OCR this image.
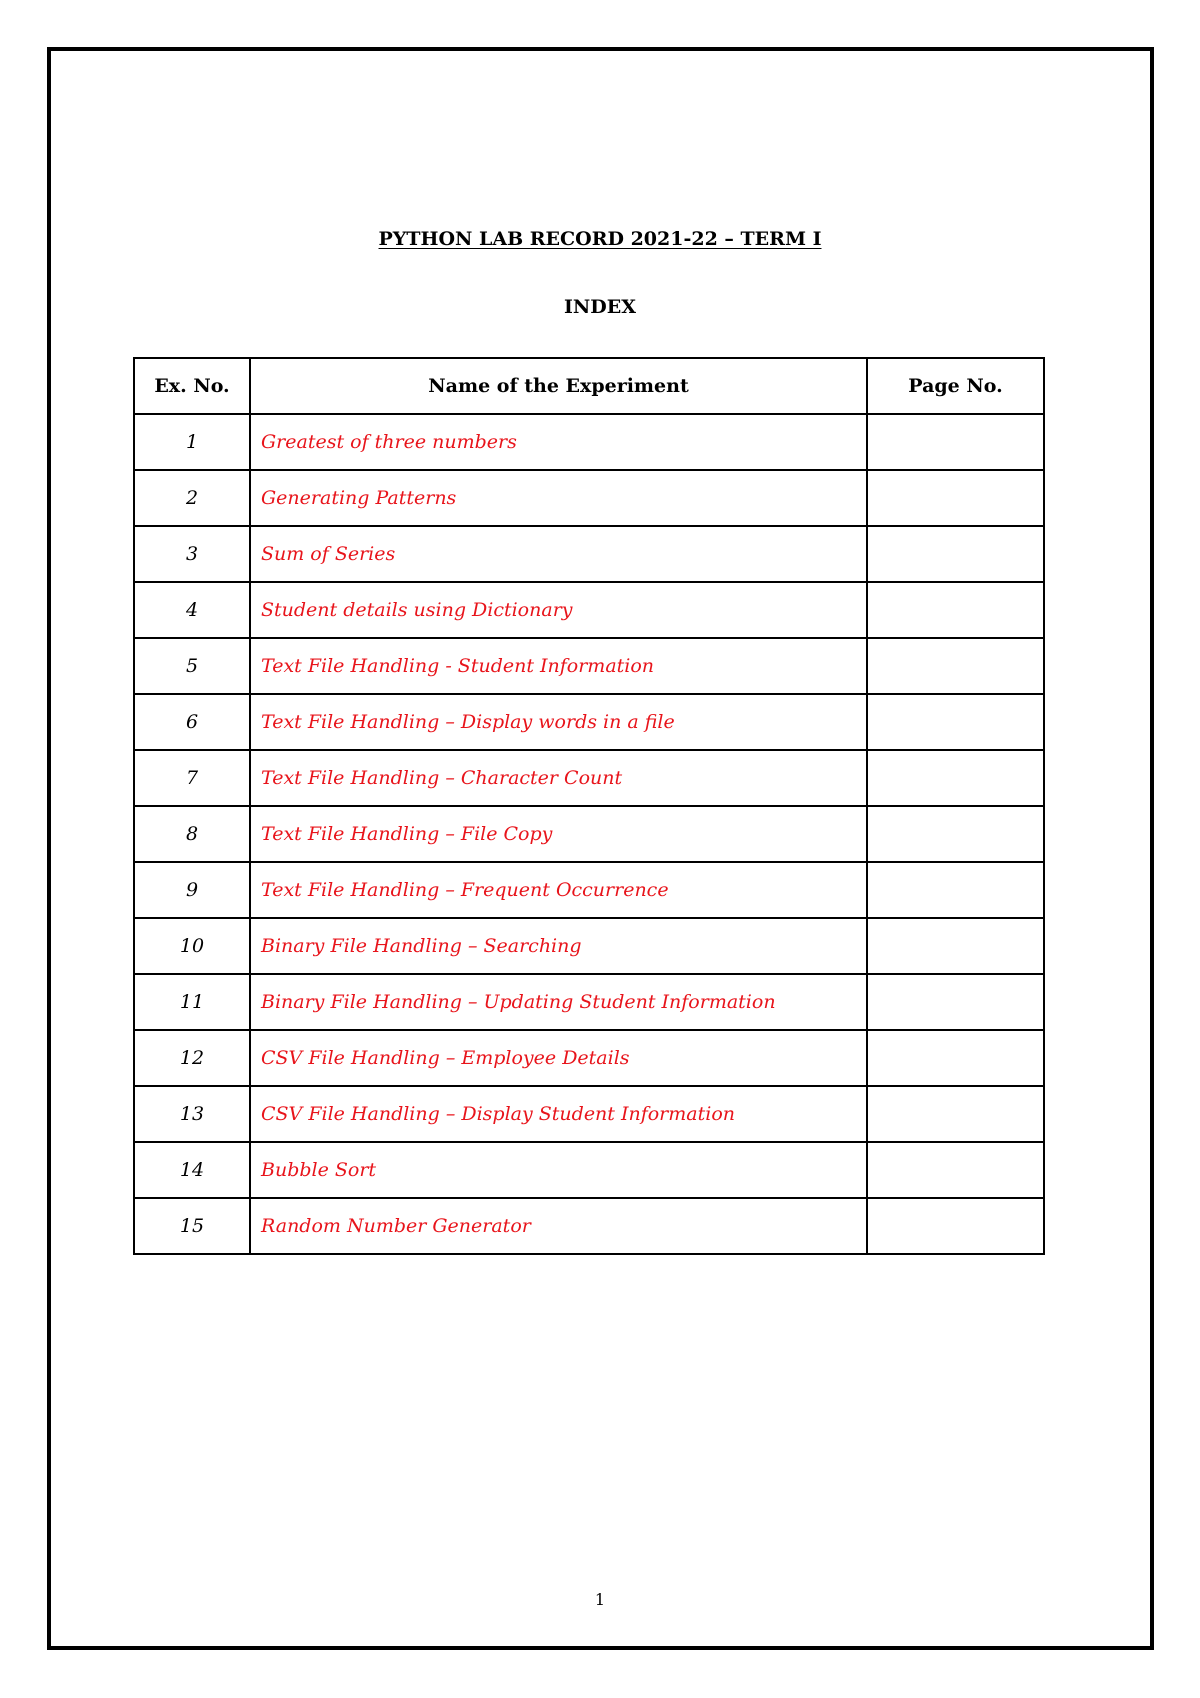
PYTHON LAB RECORD 2021-22 – TERM I
INDEX
Ex. No.	Name of the Experiment	Page No.
1	Greatest of three numbers	
2	Generating Patterns	
3	Sum of Series	
4	Student details using Dictionary	
5	Text File Handling - Student Information	
6	Text File Handling – Display words in a file	
7	Text File Handling – Character Count	
8	Text File Handling – File Copy	
9	Text File Handling – Frequent Occurrence	
10	Binary File Handling – Searching	
11	Binary File Handling – Updating Student Information	
12	CSV File Handling – Employee Details	
13	CSV File Handling – Display Student Information	
14	Bubble Sort	
15	Random Number Generator	
1
